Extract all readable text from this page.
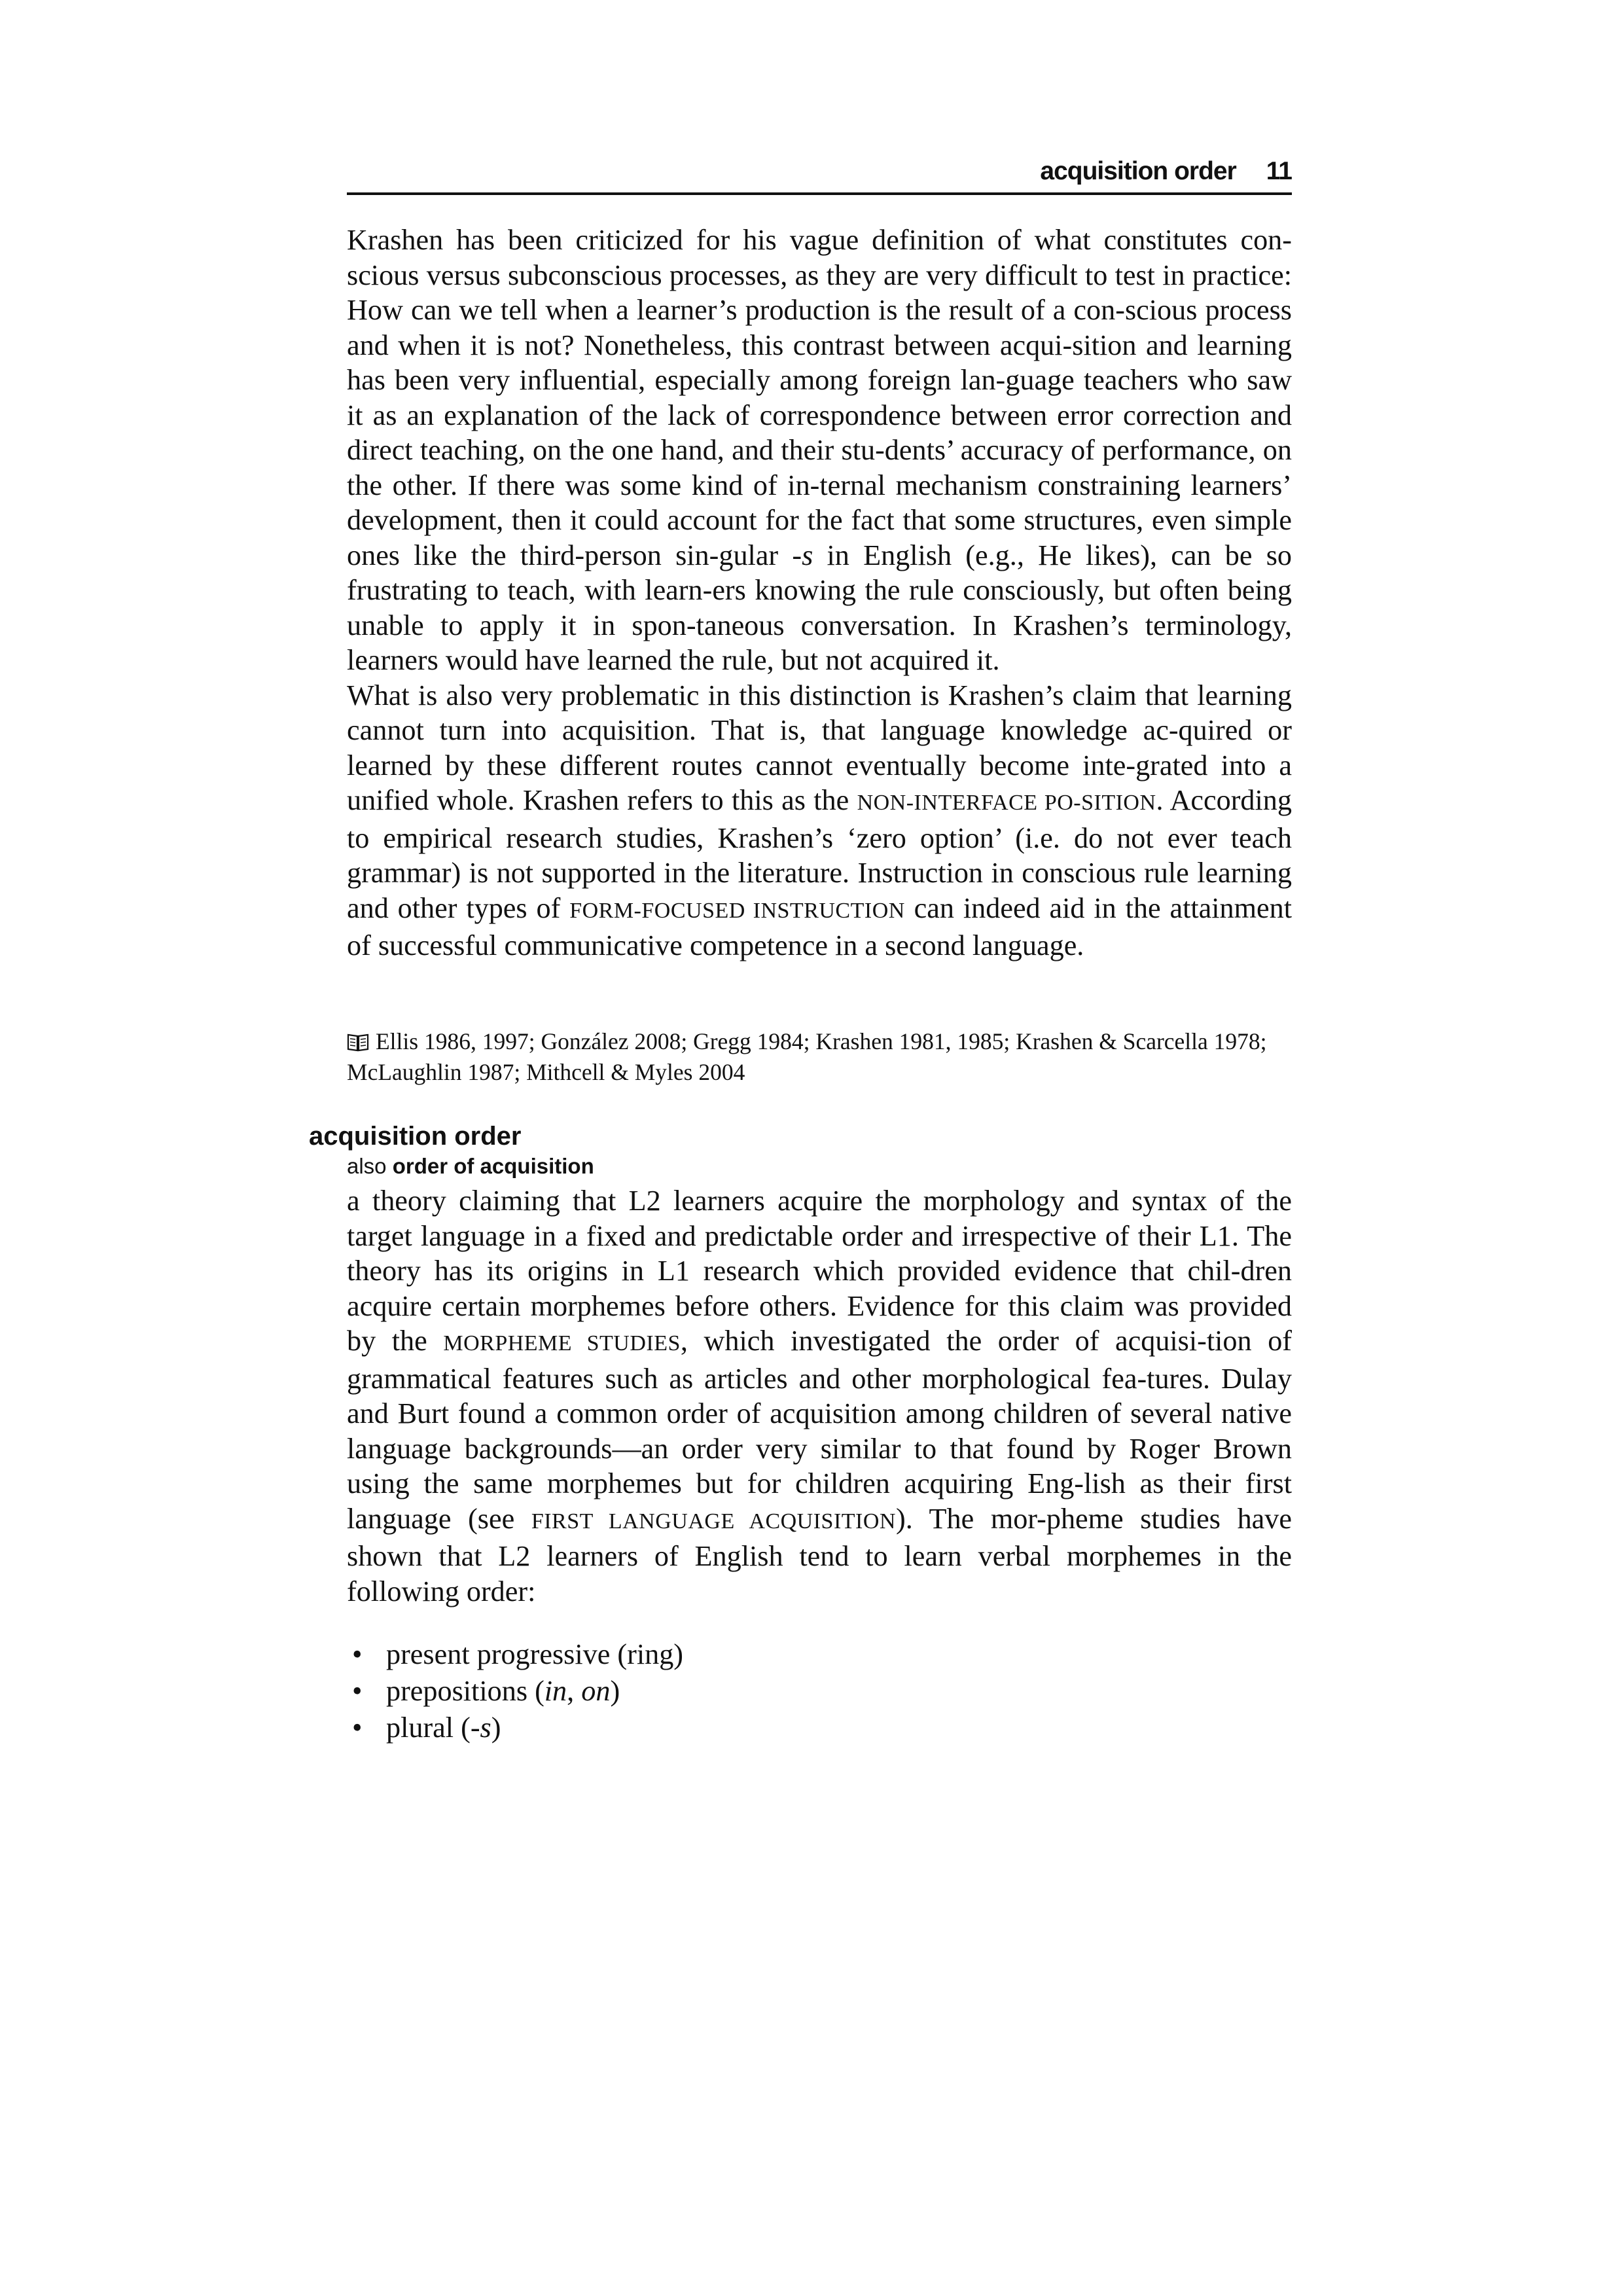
acquisition order 11

Krashen has been criticized for his vague definition of what constitutes con-scious versus subconscious processes, as they are very difficult to test in practice: How can we tell when a learner’s production is the result of a con-scious process and when it is not? Nonetheless, this contrast between acqui-sition and learning has been very influential, especially among foreign lan-guage teachers who saw it as an explanation of the lack of correspondence between error correction and direct teaching, on the one hand, and their stu-dents’ accuracy of performance, on the other. If there was some kind of in-ternal mechanism constraining learners’ development, then it could account for the fact that some structures, even simple ones like the third-person sin-gular -s in English (e.g., He likes), can be so frustrating to teach, with learn-ers knowing the rule consciously, but often being unable to apply it in spon-taneous conversation. In Krashen’s terminology, learners would have learned the rule, but not acquired it.

What is also very problematic in this distinction is Krashen’s claim that learning cannot turn into acquisition. That is, that language knowledge ac-quired or learned by these different routes cannot eventually become inte-grated into a unified whole. Krashen refers to this as the NON-INTERFACE PO-SITION. According to empirical research studies, Krashen’s ‘zero option’ (i.e. do not ever teach grammar) is not supported in the literature. Instruction in conscious rule learning and other types of FORM-FOCUSED INSTRUCTION can indeed aid in the attainment of successful communicative competence in a second language.

Ellis 1986, 1997; González 2008; Gregg 1984; Krashen 1981, 1985; Krashen & Scarcella 1978; McLaughlin 1987; Mithcell & Myles 2004
acquisition order
also order of acquisition

a theory claiming that L2 learners acquire the morphology and syntax of the target language in a fixed and predictable order and irrespective of their L1. The theory has its origins in L1 research which provided evidence that chil-dren acquire certain morphemes before others. Evidence for this claim was provided by the MORPHEME STUDIES, which investigated the order of acquisi-tion of grammatical features such as articles and other morphological fea-tures. Dulay and Burt found a common order of acquisition among children of several native language backgrounds—an order very similar to that found by Roger Brown using the same morphemes but for children acquiring Eng-lish as their first language (see FIRST LANGUAGE ACQUISITION). The mor-pheme studies have shown that L2 learners of English tend to learn verbal morphemes in the following order:

• present progressive (ring)
• prepositions (in, on)
• plural (-s)
